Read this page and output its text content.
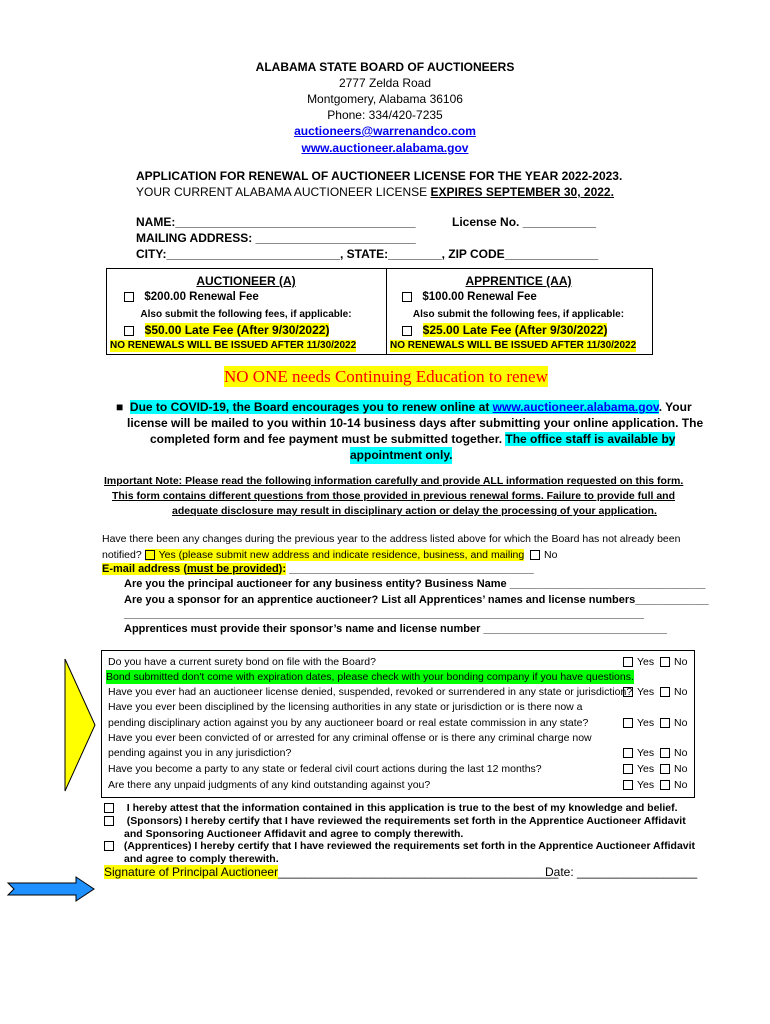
ALABAMA STATE BOARD OF AUCTIONEERS
2777 Zelda Road
Montgomery, Alabama 36106
Phone: 334/420-7235
auctioneers@warrenandco.com
www.auctioneer.alabama.gov
APPLICATION FOR RENEWAL OF AUCTIONEER LICENSE FOR THE YEAR 2022-2023.
YOUR CURRENT ALABAMA AUCTIONEER LICENSE EXPIRES SEPTEMBER 30, 2022.
NAME:____________________________________	License No. ___________
MAILING ADDRESS: ________________________
CITY:__________________________, STATE:________, ZIP CODE______________
AUCTIONEER (A)
$200.00 Renewal Fee
Also submit the following fees, if applicable:
$50.00 Late Fee (After 9/30/2022)
NO RENEWALS WILL BE ISSUED AFTER 11/30/2022
APPRENTICE (AA)
$100.00 Renewal Fee
Also submit the following fees, if applicable:
$25.00 Late Fee (After 9/30/2022)
NO RENEWALS WILL BE ISSUED AFTER 11/30/2022
NO ONE needs Continuing Education to renew
■ Due to COVID-19, the Board encourages you to renew online at www.auctioneer.alabama.gov. Your
license will be mailed to you within 10-14 business days after submitting your online application. The
completed form and fee payment must be submitted together. The office staff is available by
appointment only.
Important Note: Please read the following information carefully and provide ALL information requested on this form.
This form contains different questions from those provided in previous renewal forms. Failure to provide full and
adequate disclosure may result in disciplinary action or delay the processing of your application.
Have there been any changes during the previous year to the address listed above for which the Board has not already been
notified? Yes (please submit new address and indicate residence, business, and mailing No
E-mail address (must be provided): ________________________________________
Are you the principal auctioneer for any business entity? Business Name ________________________________
Are you a sponsor for an apprentice auctioneer? List all Apprentices’ names and license numbers____________
_____________________________________________________________________________________
Apprentices must provide their sponsor’s name and license number ______________________________
Do you have a current surety bond on file with the Board?	Yes No
Bond submitted don't come with expiration dates, please check with your bonding company if you have questions.
Have you ever had an auctioneer license denied, suspended, revoked or surrendered in any state or jurisdiction? Yes No
Have you ever been disciplined by the licensing authorities in any state or jurisdiction or is there now a
pending disciplinary action against you by any auctioneer board or real estate commission in any state?	Yes No
Have you ever been convicted of or arrested for any criminal offense or is there any criminal charge now
pending against you in any jurisdiction?	Yes No
Have you become a party to any state or federal civil court actions during the last 12 months?	Yes No
Are there any unpaid judgments of any kind outstanding against you?	Yes No
I hereby attest that the information contained in this application is true to the best of my knowledge and belief.
(Sponsors) I hereby certify that I have reviewed the requirements set forth in the Apprentice Auctioneer Affidavit
and Sponsoring Auctioneer Affidavit and agree to comply therewith.
(Apprentices) I hereby certify that I have reviewed the requirements set forth in the Apprentice Auctioneer Affidavit
and agree to comply therewith.
Signature of Principal Auctioneer__________________________________________
Date: __________________
